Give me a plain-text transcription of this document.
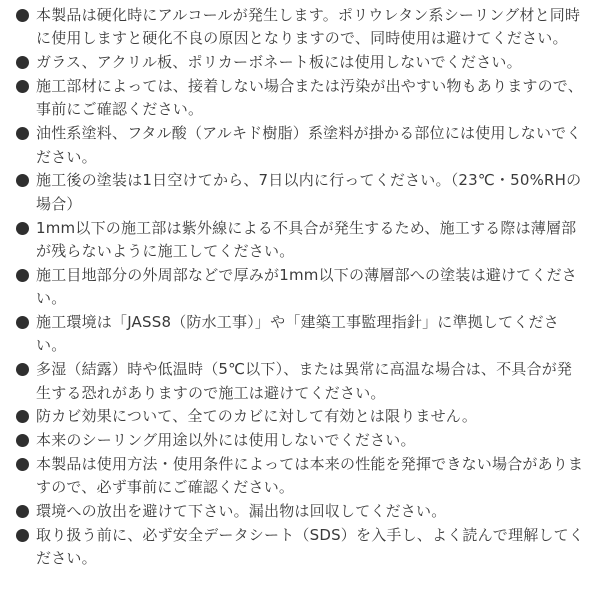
本製品は硬化時にアルコールが発生します。ポリウレタン系シーリング材と同時に使用しますと硬化不良の原因となりますので、同時使用は避けてください。
ガラス、アクリル板、ポリカーボネート板には使用しないでください。
施工部材によっては、接着しない場合または汚染が出やすい物もありますので、事前にご確認ください。
油性系塗料、フタル酸（アルキド樹脂）系塗料が掛かる部位には使用しないでください。
施工後の塗装は1日空けてから、7日以内に行ってください。（23℃・50%RHの場合）
1mm以下の施工部は紫外線による不具合が発生するため、施工する際は薄層部が残らないように施工してください。
施工目地部分の外周部などで厚みが1mm以下の薄層部への塗装は避けてください。
施工環境は「JASS8（防水工事）」や「建築工事監理指針」に準拠してください。
多湿（結露）時や低温時（5℃以下）、または異常に高温な場合は、不具合が発生する恐れがありますので施工は避けてください。
防カビ効果について、全てのカビに対して有効とは限りません。
本来のシーリング用途以外には使用しないでください。
本製品は使用方法・使用条件によっては本来の性能を発揮できない場合がありますので、必ず事前にご確認ください。
環境への放出を避けて下さい。漏出物は回収してください。
取り扱う前に、必ず安全データシート（SDS）を入手し、よく読んで理解してください。
